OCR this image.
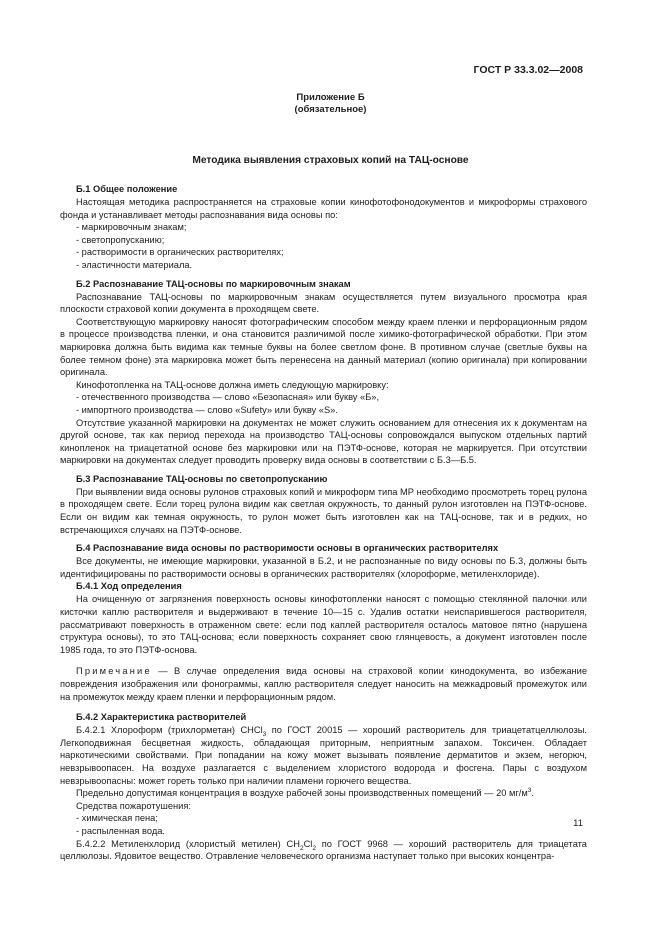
ГОСТ Р 33.3.02—2008
Приложение Б
(обязательное)
Методика выявления страховых копий на ТАЦ-основе
Б.1 Общее положение

Настоящая методика распространяется на страховые копии кинофотофонодокументов и микроформы страхового фонда и устанавливает методы распознавания вида основы по:

- маркировочным знакам;
- светопропусканию;
- растворимости в органических растворителях;
- эластичности материала.
Б.2 Распознавание ТАЦ-основы по маркировочным знакам

Распознавание ТАЦ-основы по маркировочным знакам осуществляется путем визуального просмотра края плоскости страховой копии документа в проходящем свете.

Соответствующую маркировку наносят фотографическим способом между краем пленки и перфорационным рядом в процессе производства пленки, и она становится различимой после химико-фотографической обработки. При этом маркировка должна быть видима как темные буквы на более светлом фоне. В противном случае (светлые буквы на более темном фоне) эта маркировка может быть перенесена на данный материал (копию оригинала) при копировании оригинала.

Кинофотопленка на ТАЦ-основе должна иметь следующую маркировку:

- отечественного производства — слово «Безопасная» или букву «Б»,
- импортного производства — слово «Sufety» или букву «S».

Отсутствие указанной маркировки на документах не может служить основанием для отнесения их к документам на другой основе, так как период перехода на производство ТАЦ-основы сопровождался выпуском отдельных партий кинопленок на триацетатной основе без маркировки или на ПЭТФ-основе, которая не маркируется. При отсутствии маркировки на документах следует проводить проверку вида основы в соответствии с Б.3—Б.5.

Б.3 Распознавание ТАЦ-основы по светопропусканию

При выявлении вида основы рулонов страховых копий и микроформ типа МР необходимо просмотреть торец рулона в проходящем свете. Если торец рулона видим как светлая окружность, то данный рулон изготовлен на ПЭТФ-основе. Если он видим как темная окружность, то рулон может быть изготовлен как на ТАЦ-основе, так и в редких, но встречающихся случаях на ПЭТФ-основе.

Б.4 Распознавание вида основы по растворимости основы в органических растворителях

Все документы, не имеющие маркировки, указанной в Б.2, и не распознанные по виду основы по Б.3, должны быть идентифицированы по растворимости основы в органических растворителях (хлороформе, метиленхлориде).

Б.4.1 Ход определения

На очищенную от загрязнения поверхность основы кинофотопленки наносят с помощью стеклянной палочки или кисточки каплю растворителя и выдерживают в течение 10—15 с. Удалив остатки неиспарившегося растворителя, рассматривают поверхность в отраженном свете: если под каплей растворителя осталось матовое пятно (нарушена структура основы), то это ТАЦ-основа; если поверхность сохраняет свою глянцевость, а документ изготовлен после 1985 года, то это ПЭТФ-основа.

Примечание — В случае определения вида основы на страховой копии кинодокумента, во избежание повреждения изображения или фонограммы, каплю растворителя следует наносить на межкадровый промежуток или на промежуток между краем пленки и перфорационным рядом.

Б.4.2 Характеристика растворителей

Б.4.2.1 Хлороформ (трихлорметан) CHCl$_3$ по ГОСТ 20015 — хороший растворитель для триацетатцеллюлозы. Легкоподвижная бесцветная жидкость, обладающая приторным, неприятным запахом. Токсичен. Обладает наркотическими свойствами. При попадании на кожу может вызывать появление дерматитов и экзем, негорюч, невзрывоопасен. На воздухе разлагается с выделением хлористого водорода и фосгена. Пары с воздухом невзрывоопасны: может гореть только при наличии пламени горючего вещества.

Предельно допустимая концентрация в воздухе рабочей зоны производственных помещений — 20 $мг/м^3$.

Средства пожаротушения:

- химическая пена;
- распыленная вода.

Б.4.2.2 Метиленхлорид (хлористый метилен) $CH_2Cl_2$ по ГОСТ 9968 — хороший растворитель для триацетата целлюлозы. Ядовитое вещество. Отравление человеческого организма наступает только при высоких концентра-

11
